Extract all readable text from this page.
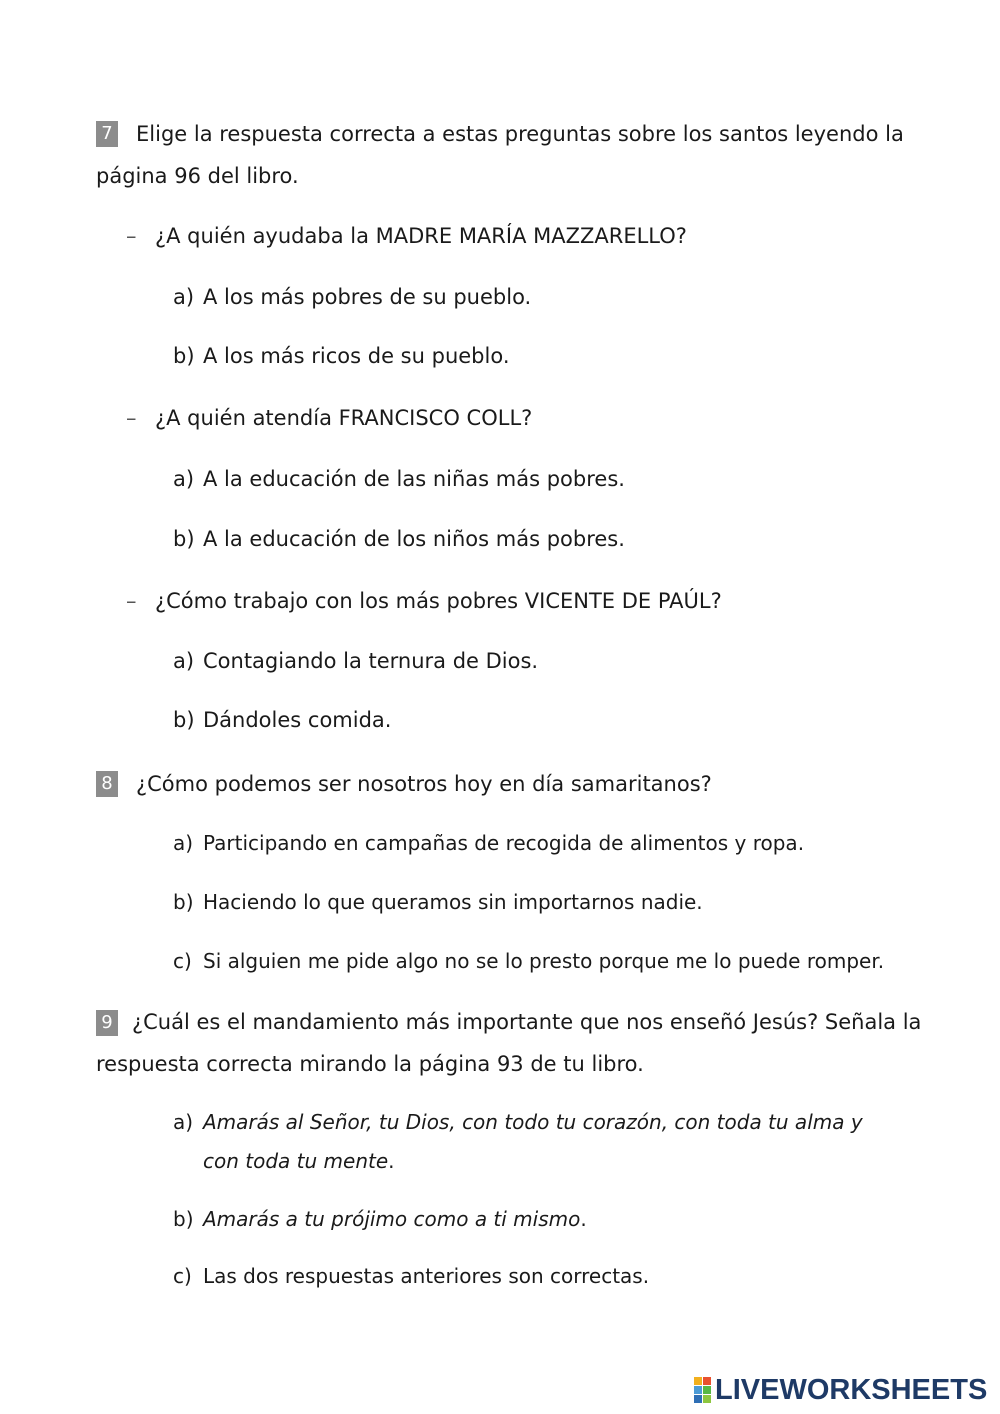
7 Elige la respuesta correcta a estas preguntas sobre los santos leyendo la
página 96 del libro.
– ¿A quién ayudaba la MADRE MARÍA MAZZARELLO?
a) A los más pobres de su pueblo.
b) A los más ricos de su pueblo.
– ¿A quién atendía FRANCISCO COLL?
a) A la educación de las niñas más pobres.
b) A la educación de los niños más pobres.
– ¿Cómo trabajo con los más pobres VICENTE DE PAÚL?
a) Contagiando la ternura de Dios.
b) Dándoles comida.
8 ¿Cómo podemos ser nosotros hoy en día samaritanos?
a) Participando en campañas de recogida de alimentos y ropa.
b) Haciendo lo que queramos sin importarnos nadie.
c) Si alguien me pide algo no se lo presto porque me lo puede romper.
9 ¿Cuál es el mandamiento más importante que nos enseñó Jesús? Señala la
respuesta correcta mirando la página 93 de tu libro.
a) Amarás al Señor, tu Dios, con todo tu corazón, con toda tu alma y
con toda tu mente.
b) Amarás a tu prójimo como a ti mismo.
c) Las dos respuestas anteriores son correctas.
LIVEWORKSHEETS
